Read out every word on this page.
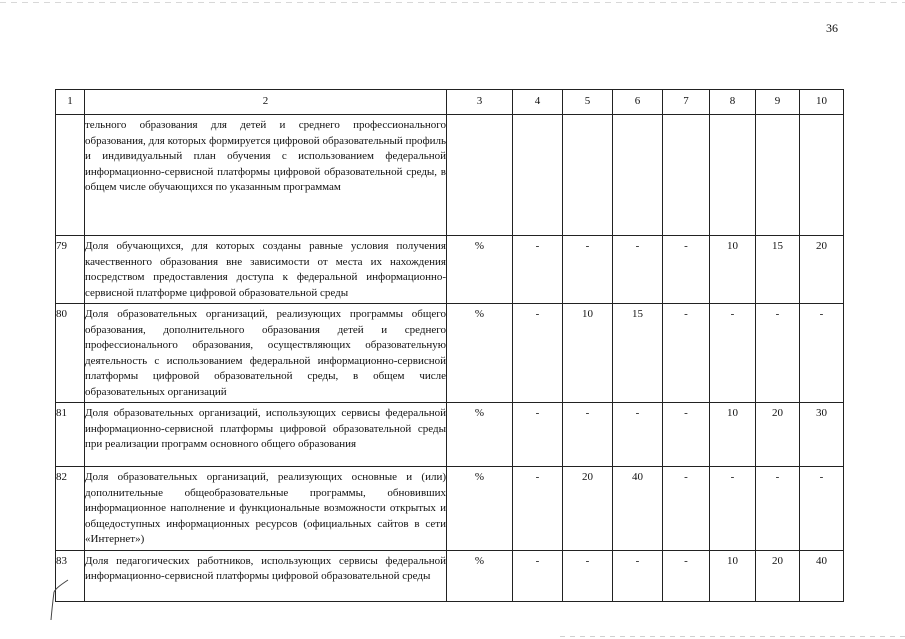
36
1	2	3	4	5	6	7	8	9	10
	тельного образования для детей и среднего профессионального образования, для которых формируется цифровой образовательный профиль и индивидуальный план обучения с использованием федеральной информационно-сервисной платформы цифровой образовательной среды, в общем числе обучающихся по указанным программам								
79	Доля обучающихся, для которых созданы равные условия получения качественного образования вне зависимости от места их нахождения посредством предоставления доступа к федеральной информационно-сервисной платформе цифровой образовательной среды	%	-	-	-	-	10	15	20
80	Доля образовательных организаций, реализующих программы общего образования, дополнительного образования детей и среднего профессионального образования, осуществляющих образовательную деятельность с использованием федеральной информационно-сервисной платформы цифровой образовательной среды, в общем числе образовательных организаций	%	-	10	15	-	-	-	-
81	Доля образовательных организаций, использующих сервисы федеральной информационно-сервисной платформы цифровой образовательной среды при реализации программ основного общего образования	%	-	-	-	-	10	20	30
82	Доля образовательных организаций, реализующих основные и (или) дополнительные общеобразовательные программы, обновивших информационное наполнение и функциональные возможности открытых и общедоступных информационных ресурсов (официальных сайтов в сети «Интернет»)	%	-	20	40	-	-	-	-
83	Доля педагогических работников, использующих сервисы федеральной информационно-сервисной платформы цифровой образовательной среды	%	-	-	-	-	10	20	40
